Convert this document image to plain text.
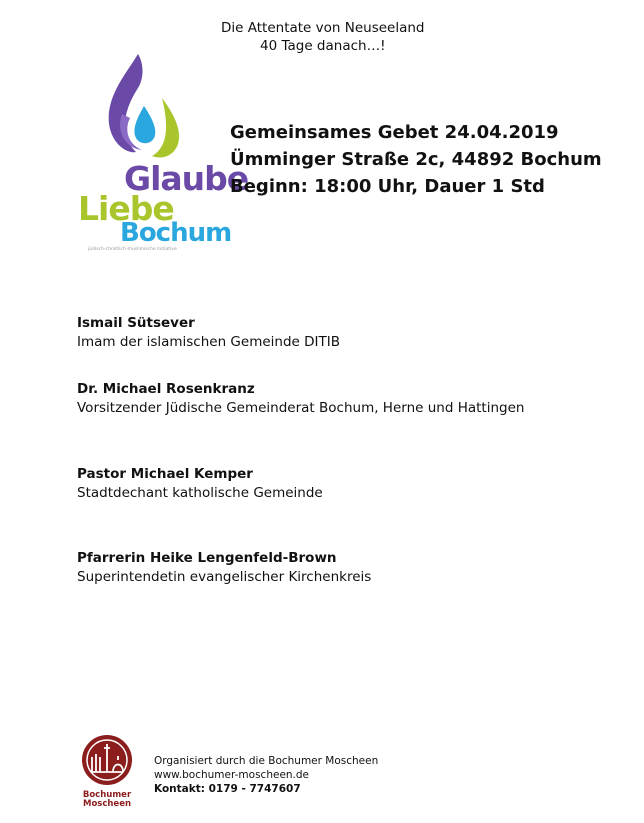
Die Attentate von Neuseeland
40 Tage danach…!
Glaube
Liebe
Bochum
jüdisch-christlich-muslimische Initiative
Gemeinsames Gebet 24.04.2019
Ümminger Straße 2c, 44892 Bochum
Beginn: 18:00 Uhr, Dauer 1 Std
Ismail Sütsever
Imam der islamischen Gemeinde DITIB
Dr. Michael Rosenkranz
Vorsitzender Jüdische Gemeinderat Bochum, Herne und Hattingen
Pastor Michael Kemper
Stadtdechant katholische Gemeinde
Pfarrerin Heike Lengenfeld-Brown
Superintendetin evangelischer Kirchenkreis
Bochumer
Moscheen
Organisiert durch die Bochumer Moscheen
www.bochumer-moscheen.de
Kontakt: 0179 - 7747607
